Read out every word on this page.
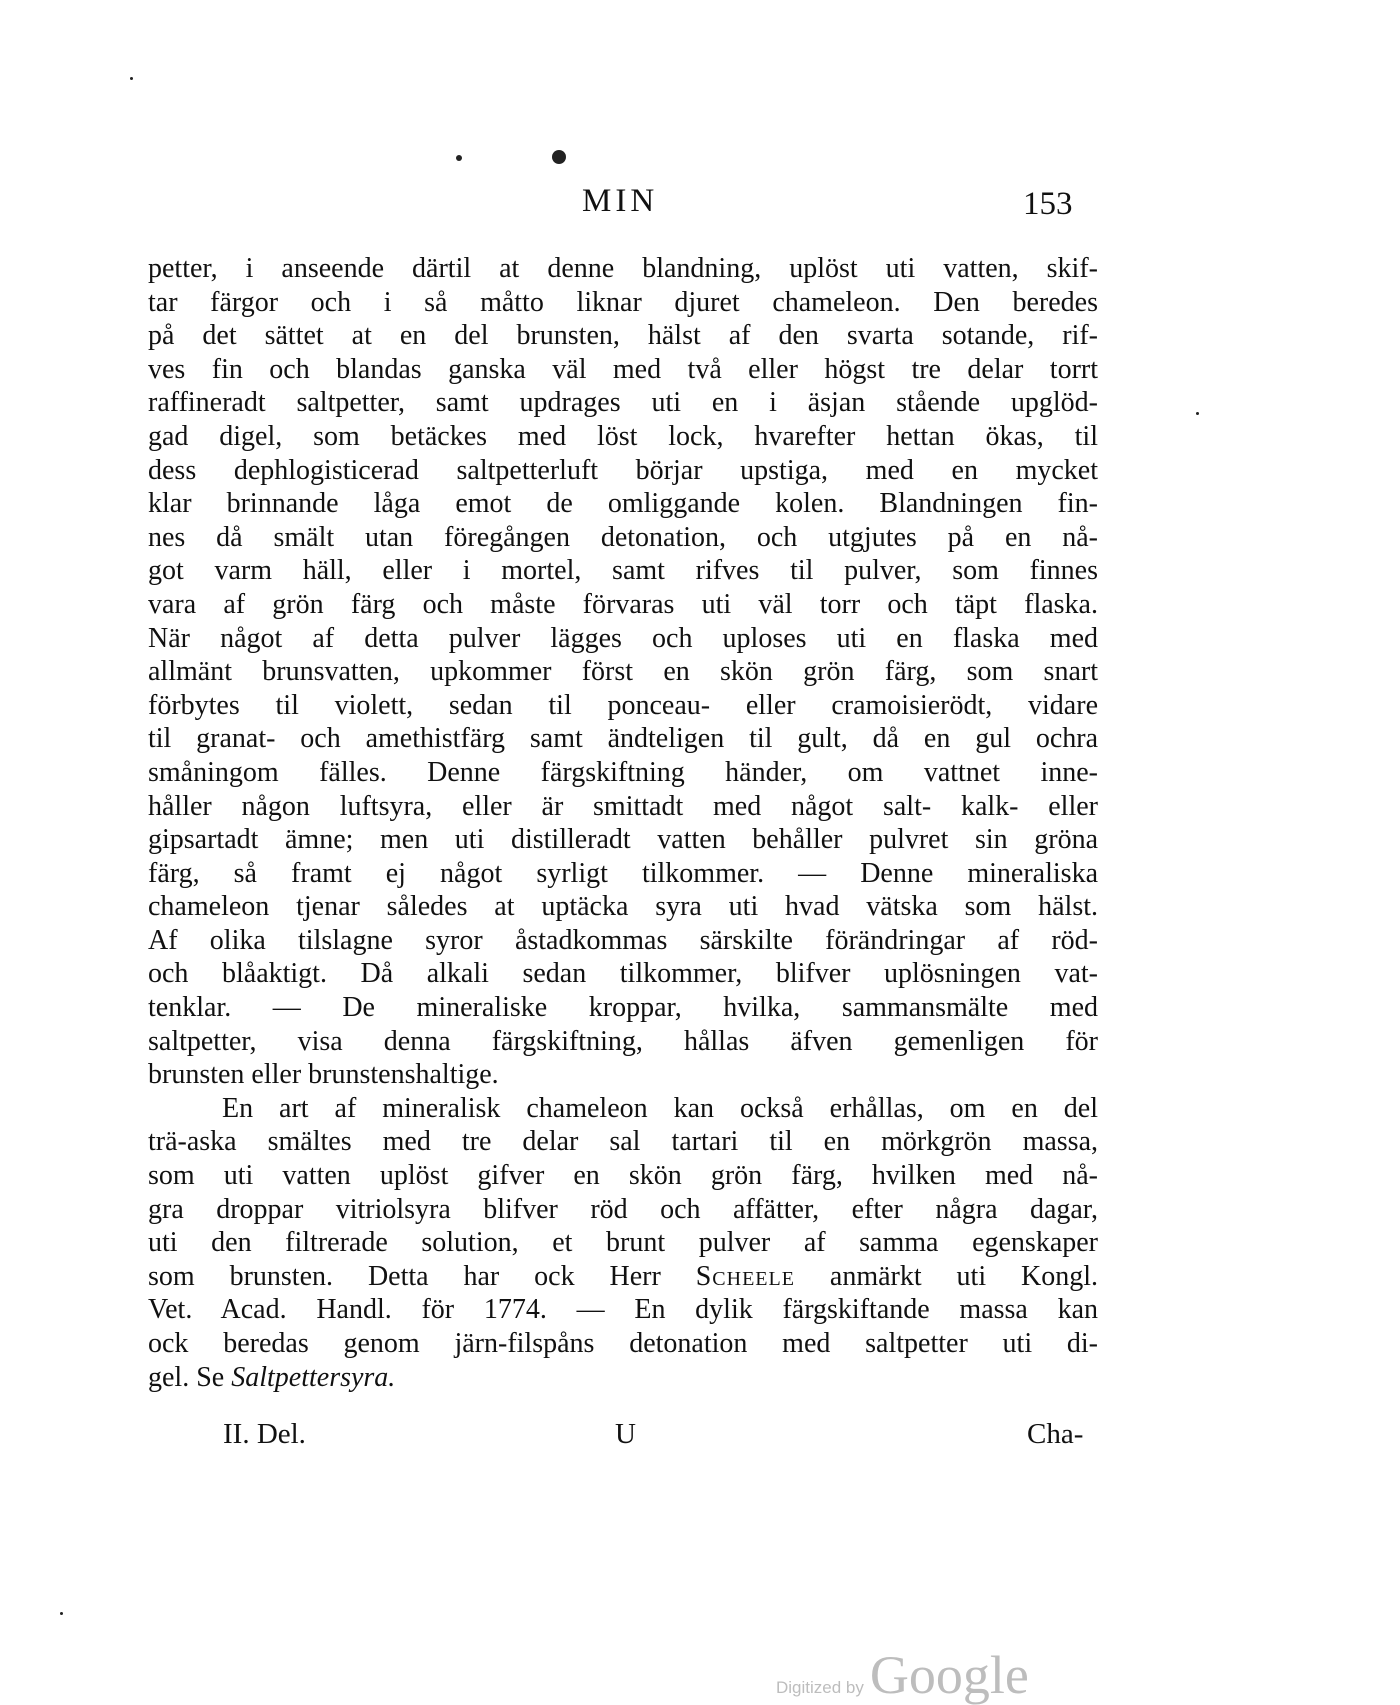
MIN	153
petter, i anseende därtil at denne blandning, uplöst uti vatten, skif-
tar färgor och i så måtto liknar djuret chameleon. Den beredes
på det sättet at en del brunsten, hälst af den svarta sotande, rif-
ves fin och blandas ganska väl med två eller högst tre delar torrt
raffineradt saltpetter, samt updrages uti en i äsjan stående upglöd-
gad digel, som betäckes med löst lock, hvarefter hettan ökas, til
dess dephlogisticerad saltpetterluft börjar upstiga, med en mycket
klar brinnande låga emot de omliggande kolen. Blandningen fin-
nes då smält utan föregången detonation, och utgjutes på en nå-
got varm häll, eller i mortel, samt rifves til pulver, som finnes
vara af grön färg och måste förvaras uti väl torr och täpt flaska.
När något af detta pulver lägges och uploses uti en flaska med
allmänt brunsvatten, upkommer först en skön grön färg, som snart
förbytes til violett, sedan til ponceau- eller cramoisierödt, vidare
til granat- och amethistfärg samt ändteligen til gult, då en gul ochra
småningom fälles. Denne färgskiftning händer, om vattnet inne-
håller någon luftsyra, eller är smittadt med något salt- kalk- eller
gipsartadt ämne; men uti distilleradt vatten behåller pulvret sin gröna
färg, så framt ej något syrligt tilkommer. — Denne mineraliska
chameleon tjenar således at uptäcka syra uti hvad vätska som hälst.
Af olika tilslagne syror åstadkommas särskilte förändringar af röd-
och blåaktigt. Då alkali sedan tilkommer, blifver uplösningen vat-
tenklar. — De mineraliske kroppar, hvilka, sammansmälte med
saltpetter, visa denna färgskiftning, hållas äfven gemenligen för
brunsten eller brunstenshaltige.
En art af mineralisk chameleon kan också erhållas, om en del
trä-aska smältes med tre delar sal tartari til en mörkgrön massa,
som uti vatten uplöst gifver en skön grön färg, hvilken med nå-
gra droppar vitriolsyra blifver röd och affätter, efter några dagar,
uti den filtrerade solution, et brunt pulver af samma egenskaper
som brunsten. Detta har ock Herr Scheele anmärkt uti Kongl.
Vet. Acad. Handl. för 1774. — En dylik färgskiftande massa kan
ock beredas genom järn-filspåns detonation med saltpetter uti di-
gel. Se Saltpettersyra.
II. Del.	U	Cha-
Digitized by Google
